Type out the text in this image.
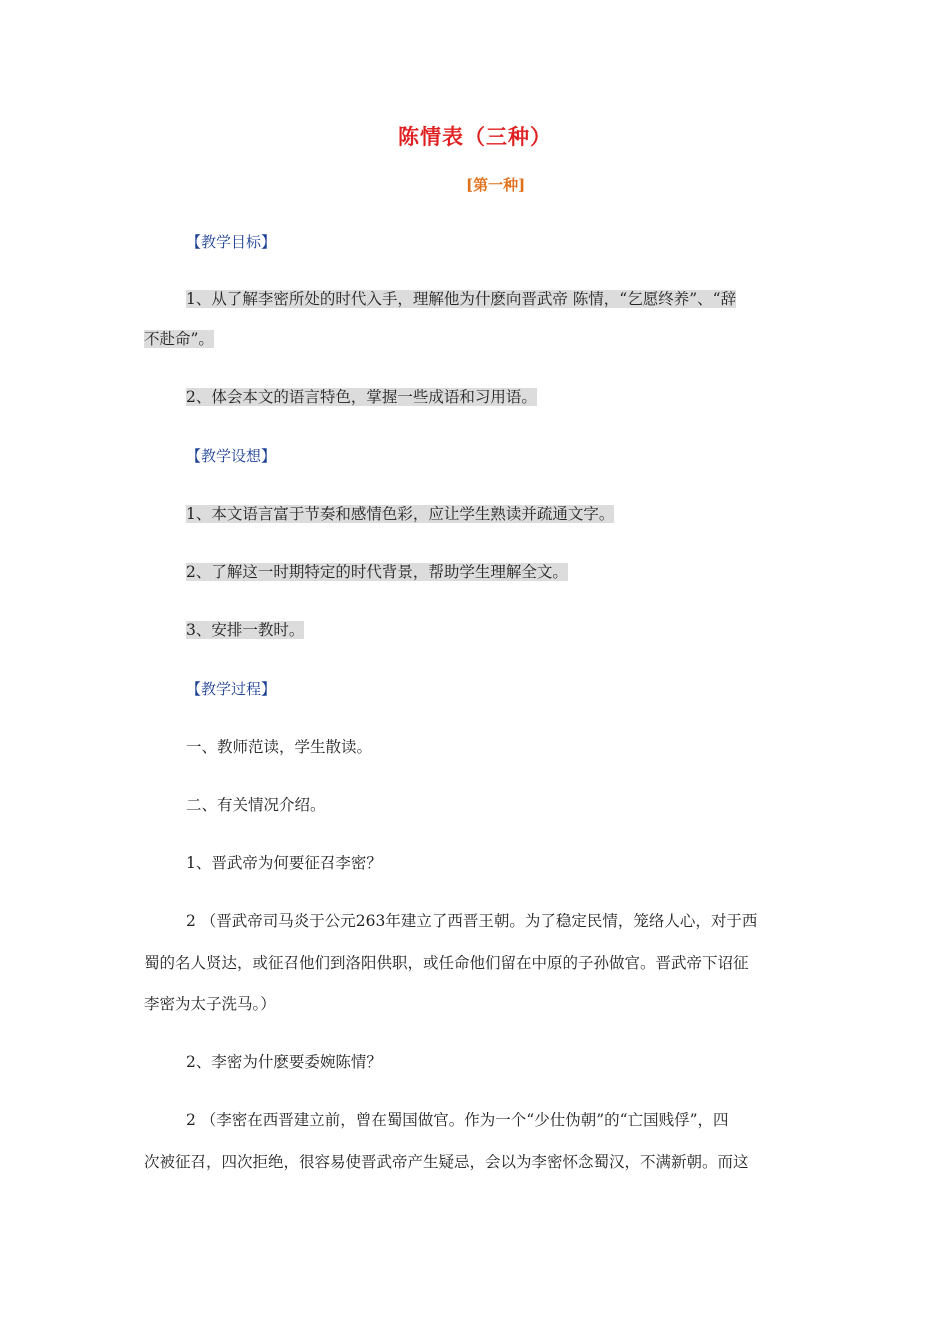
陈情表（三种）
[第一种]
【教学目标】
1、从了解李密所处的时代入手，理解他为什麽向晋武帝 陈情，“乞愿终养”、“辞
不赴命”。
2、体会本文的语言特色，掌握一些成语和习用语。
【教学设想】
1、本文语言富于节奏和感情色彩，应让学生熟读并疏通文字。
2、了解这一时期特定的时代背景，帮助学生理解全文。
3、安排一教时。
【教学过程】
一、教师范读，学生散读。
二、有关情况介绍。
1、晋武帝为何要征召李密？
2 （晋武帝司马炎于公元263年建立了西晋王朝。为了稳定民情，笼络人心，对于西
蜀的名人贤达，或征召他们到洛阳供职，或任命他们留在中原的子孙做官。晋武帝下诏征
李密为太子洗马。）
2、李密为什麽要委婉陈情？
2 （李密在西晋建立前，曾在蜀国做官。作为一个“少仕伪朝”的“亡国贱俘”，四
次被征召，四次拒绝，很容易使晋武帝产生疑忌，会以为李密怀念蜀汉，不满新朝。而这
